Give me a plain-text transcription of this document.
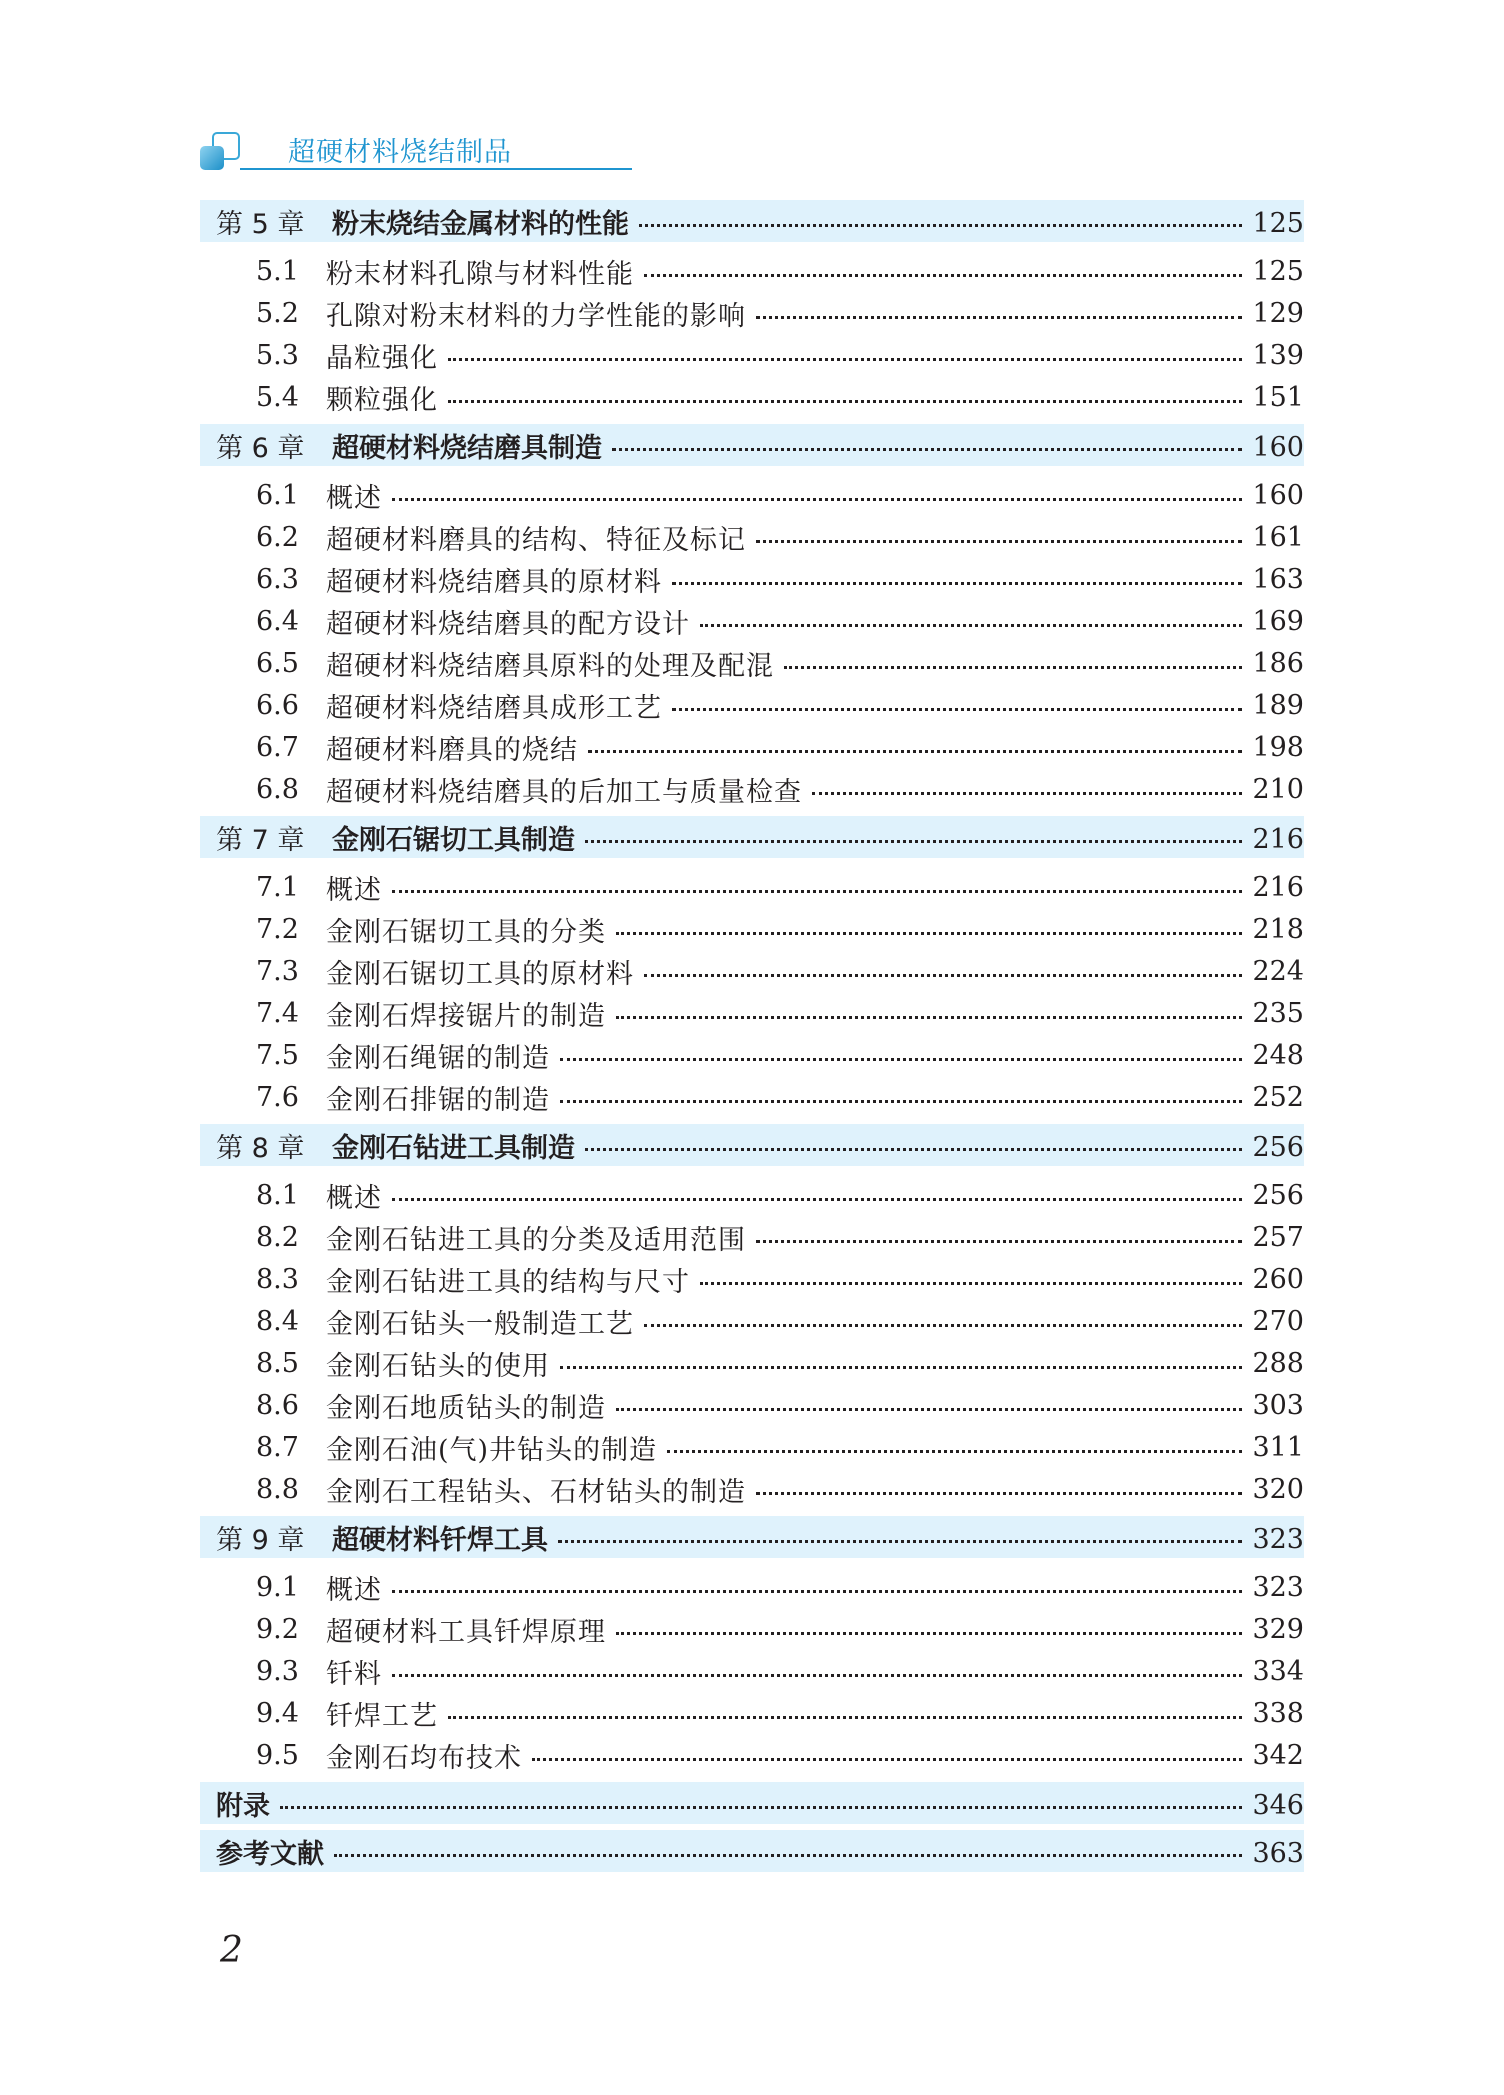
超硬材料烧结制品
第 5 章	粉末烧结金属材料的性能	125
5.1	粉末材料孔隙与材料性能	125
5.2	孔隙对粉末材料的力学性能的影响	129
5.3	晶粒强化	139
5.4	颗粒强化	151
第 6 章	超硬材料烧结磨具制造	160
6.1	概述	160
6.2	超硬材料磨具的结构、特征及标记	161
6.3	超硬材料烧结磨具的原材料	163
6.4	超硬材料烧结磨具的配方设计	169
6.5	超硬材料烧结磨具原料的处理及配混	186
6.6	超硬材料烧结磨具成形工艺	189
6.7	超硬材料磨具的烧结	198
6.8	超硬材料烧结磨具的后加工与质量检查	210
第 7 章	金刚石锯切工具制造	216
7.1	概述	216
7.2	金刚石锯切工具的分类	218
7.3	金刚石锯切工具的原材料	224
7.4	金刚石焊接锯片的制造	235
7.5	金刚石绳锯的制造	248
7.6	金刚石排锯的制造	252
第 8 章	金刚石钻进工具制造	256
8.1	概述	256
8.2	金刚石钻进工具的分类及适用范围	257
8.3	金刚石钻进工具的结构与尺寸	260
8.4	金刚石钻头一般制造工艺	270
8.5	金刚石钻头的使用	288
8.6	金刚石地质钻头的制造	303
8.7	金刚石油(气)井钻头的制造	311
8.8	金刚石工程钻头、石材钻头的制造	320
第 9 章	超硬材料钎焊工具	323
9.1	概述	323
9.2	超硬材料工具钎焊原理	329
9.3	钎料	334
9.4	钎焊工艺	338
9.5	金刚石均布技术	342
附录	346
参考文献	363
2
